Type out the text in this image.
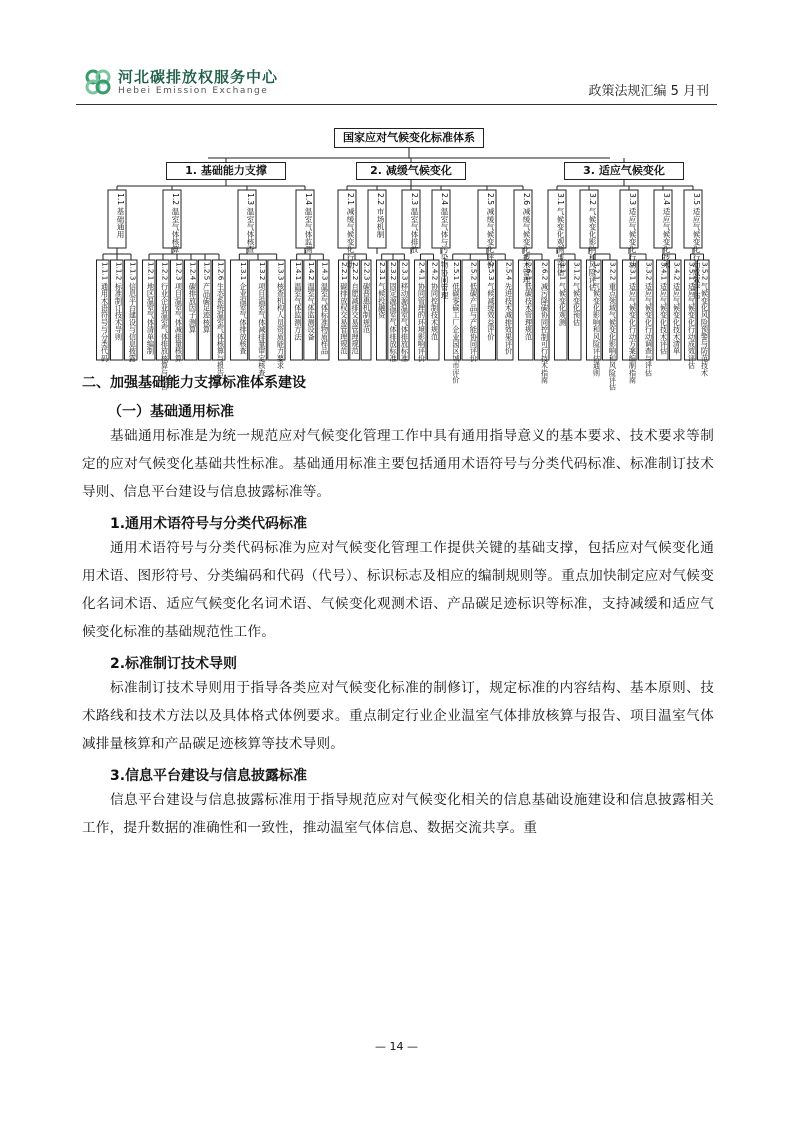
河北碳排放权服务中心
Hebei Emission Exchange	政策法规汇编 5 月刊
国家应对气候变化标准体系
1. 基础能力支撑	2. 减缓气候变化	3. 适应气候变化
1.1 基础通用	1.2 温室气体核算	1.3 温室气体核查	1.4 温室气体监测	2.1 减缓气候变化行动	2.2 市场机制	2.3 温室气体排放	2.4 温室气体与污染物协同管理	2.5 减缓气候变化评价	2.6 减缓气候变化技术管理	3.1 气候变化观测与预估	3.2 气候变化影响和风险评估	3.3 适应气候变化行动	3.4 适应气候变化技术	3.5 适应气候变化行动成效评估
1.1.1 通用术语符号与分类代码 1.1.2 标准制订技术导则 1.1.3 信息平台建设与信息披露	1.2.1 地区温室气体清单编制 1.2.2 行业企业温室气体排放核算与报告 1.2.3 项目温室气体减排量核算 1.2.4 碳排放因子测算 1.2.5 产品碳足迹核算 1.2.6 生态系统温室气体核算与报告	1.3.1 企业温室气体排放核查	1.3.2 项目温室气体减排量审定核查	1.3.3 核查机构人员资质能力要求	1.4.1 温室气体监测方法 1.4.2 温室气体监测设备 1.4.3 温室气体标准物质样品 2.2.1 碳排放权交易管理规范 2.2.2 自愿减排交易管理规范 2.2.3 碳普惠机制规范 2.3.1 气候投融资 2.3.2 固定源温室气体排放标准 2.3.3 移动源温室气体排放标准 2.4.1 协同管理的环境影响评价 2.4.2 协同控制技术规范	2.5.1 低碳零碳工厂企业园区城市评价	2.5.2 低碳产品与产能协同评价	2.5.3 气候减缓效益评价	2.5.4 先进技术减排效果评价	2.6.1 低碳技术管理规范 2.6.2 减污降碳协同控制可行技术指南	3.1.1 气候变化观测 3.1.2 气候变化预估	3.2.1 气候变化影响和风险评估通则 3.2.2 重点领域气候变化影响和风险评估	3.3.1 适应气候变化行动方案编制指南 3.3.2 适应气候变化行动调查与评估 3.4.1 适应气候变化技术评估 3.4.2 适应气候变化技术清单 3.5.1 适应气候变化行动成效评估 3.5.2 气候变化风险预警与防范技术
二、加强基础能力支撑标准体系建设
（一）基础通用标准
基础通用标准是为统一规范应对气候变化管理工作中具有通用指导意义的基本要求、技术要求等制定的应对气候变化基础共性标准。基础通用标准主要包括通用术语符号与分类代码标准、标准制订技术导则、信息平台建设与信息披露标准等。
1.通用术语符号与分类代码标准
通用术语符号与分类代码标准为应对气候变化管理工作提供关键的基础支撑，包括应对气候变化通用术语、图形符号、分类编码和代码（代号）、标识标志及相应的编制规则等。重点加快制定应对气候变化名词术语、适应气候变化名词术语、气候变化观测术语、产品碳足迹标识等标准，支持减缓和适应气候变化标准的基础规范性工作。
2.标准制订技术导则
标准制订技术导则用于指导各类应对气候变化标准的制修订，规定标准的内容结构、基本原则、技术路线和技术方法以及具体格式体例要求。重点制定行业企业温室气体排放核算与报告、项目温室气体减排量核算和产品碳足迹核算等技术导则。
3.信息平台建设与信息披露标准
信息平台建设与信息披露标准用于指导规范应对气候变化相关的信息基础设施建设和信息披露相关工作，提升数据的准确性和一致性，推动温室气体信息、数据交流共享。重
— 14 —
